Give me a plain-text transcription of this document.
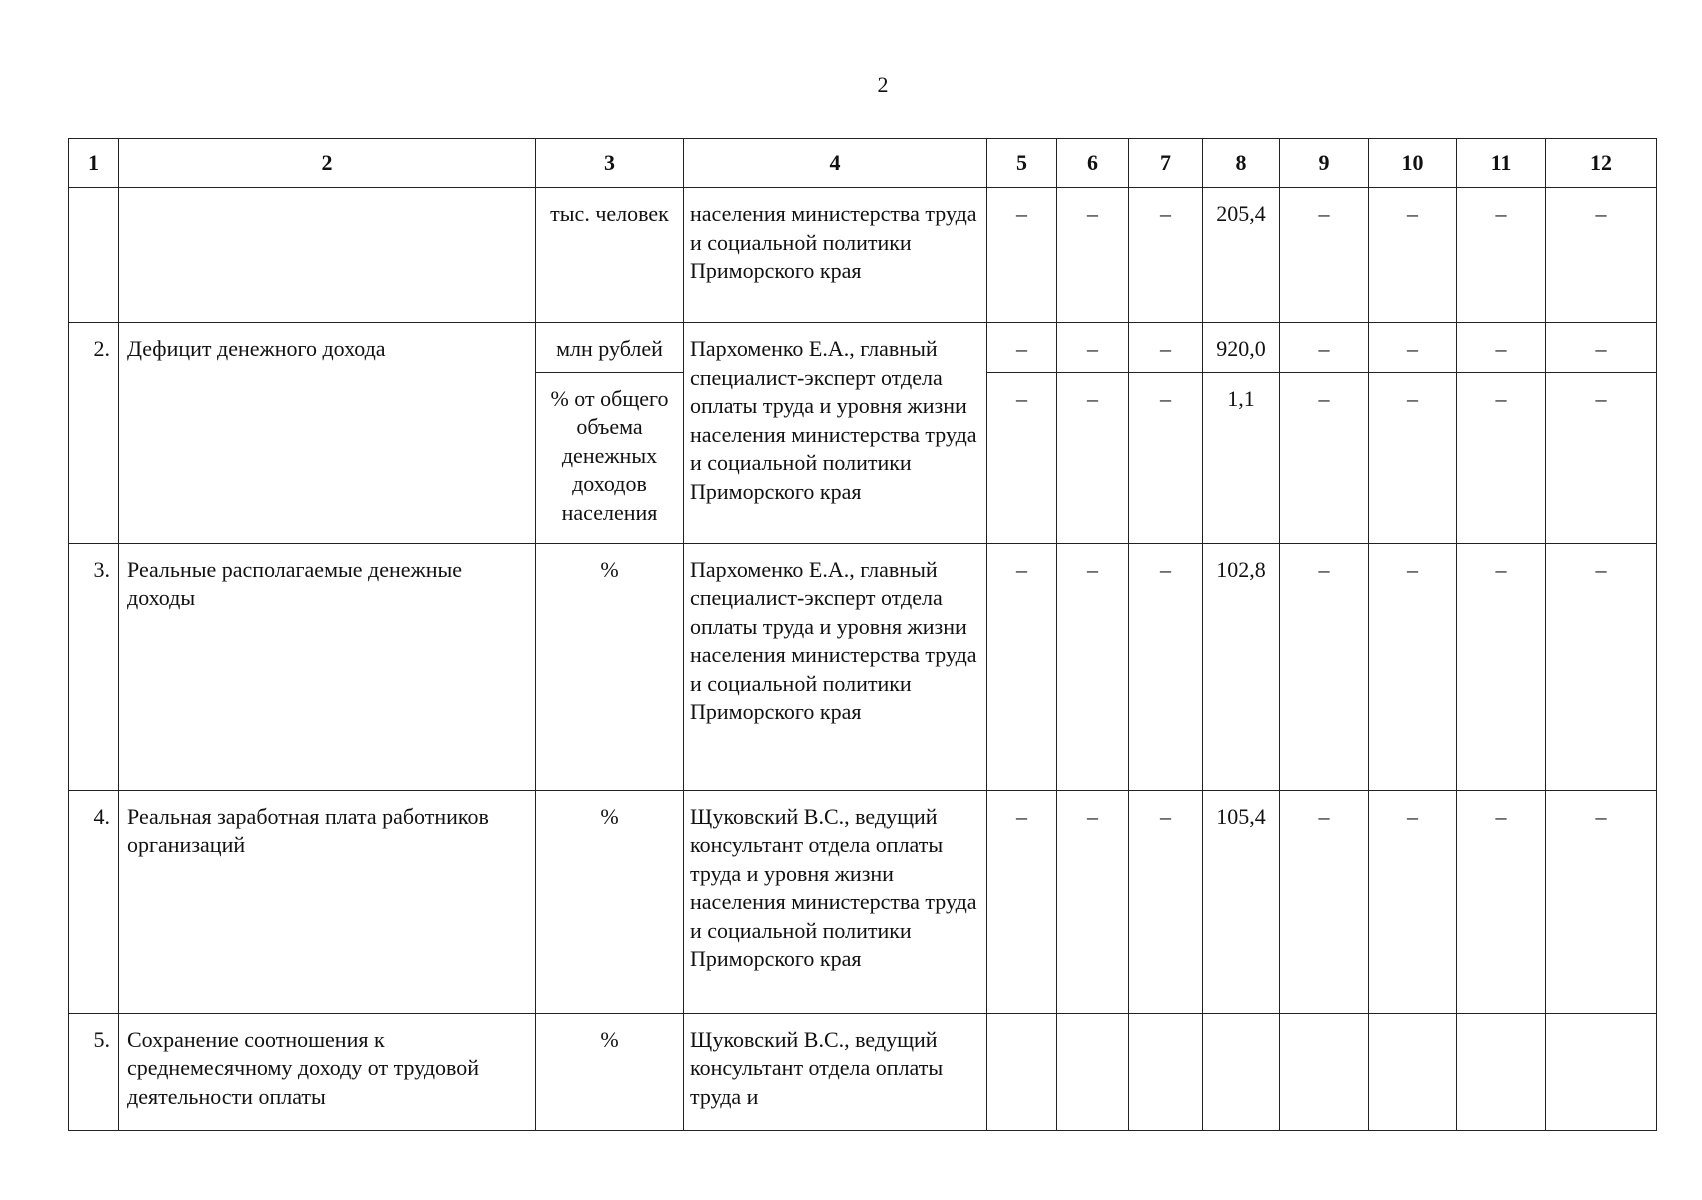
2
1	2	3	4	5	6	7	8	9	10	11	12
		тыс. человек	населения министерства труда и социальной политики Приморского края	–	–	–	205,4	–	–	–	–
2.	Дефицит денежного дохода	млн рублей	Пархоменко Е.А., главный специалист-эксперт отдела оплаты труда и уровня жизни населения министерства труда и социальной политики Приморского края	–	–	–	920,0	–	–	–	–
		% от общего объема денежных доходов населения		–	–	–	1,1	–	–	–	–
3.	Реальные располагаемые денежные доходы	%	Пархоменко Е.А., главный специалист-эксперт отдела оплаты труда и уровня жизни населения министерства труда и социальной политики Приморского края	–	–	–	102,8	–	–	–	–
4.	Реальная заработная плата работников организаций	%	Щуковский В.С., ведущий консультант отдела оплаты труда и уровня жизни населения министерства труда и социальной политики Приморского края	–	–	–	105,4	–	–	–	–
5.	Сохранение соотношения к среднемесячному доходу от трудовой деятельности оплаты	%	Щуковский В.С., ведущий консультант отдела оплаты труда и								
